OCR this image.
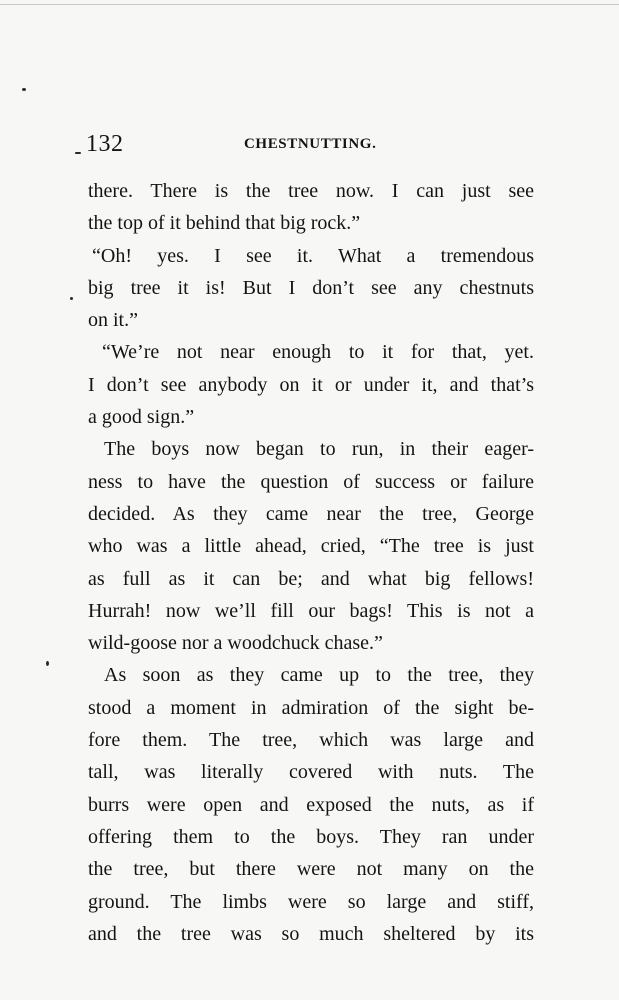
132	CHESTNUTTING.
there. There is the tree now. I can just see
the top of it behind that big rock.”
“Oh! yes. I see it. What a tremendous
big tree it is! But I don’t see any chestnuts
on it.”
“We’re not near enough to it for that, yet.
I don’t see anybody on it or under it, and that’s
a good sign.”
The boys now began to run, in their eager-
ness to have the question of success or failure
decided. As they came near the tree, George
who was a little ahead, cried, “The tree is just
as full as it can be; and what big fellows!
Hurrah! now we’ll fill our bags! This is not a
wild-goose nor a woodchuck chase.”
As soon as they came up to the tree, they
stood a moment in admiration of the sight be-
fore them. The tree, which was large and
tall, was literally covered with nuts. The
burrs were open and exposed the nuts, as if
offering them to the boys. They ran under
the tree, but there were not many on the
ground. The limbs were so large and stiff,
and the tree was so much sheltered by its
